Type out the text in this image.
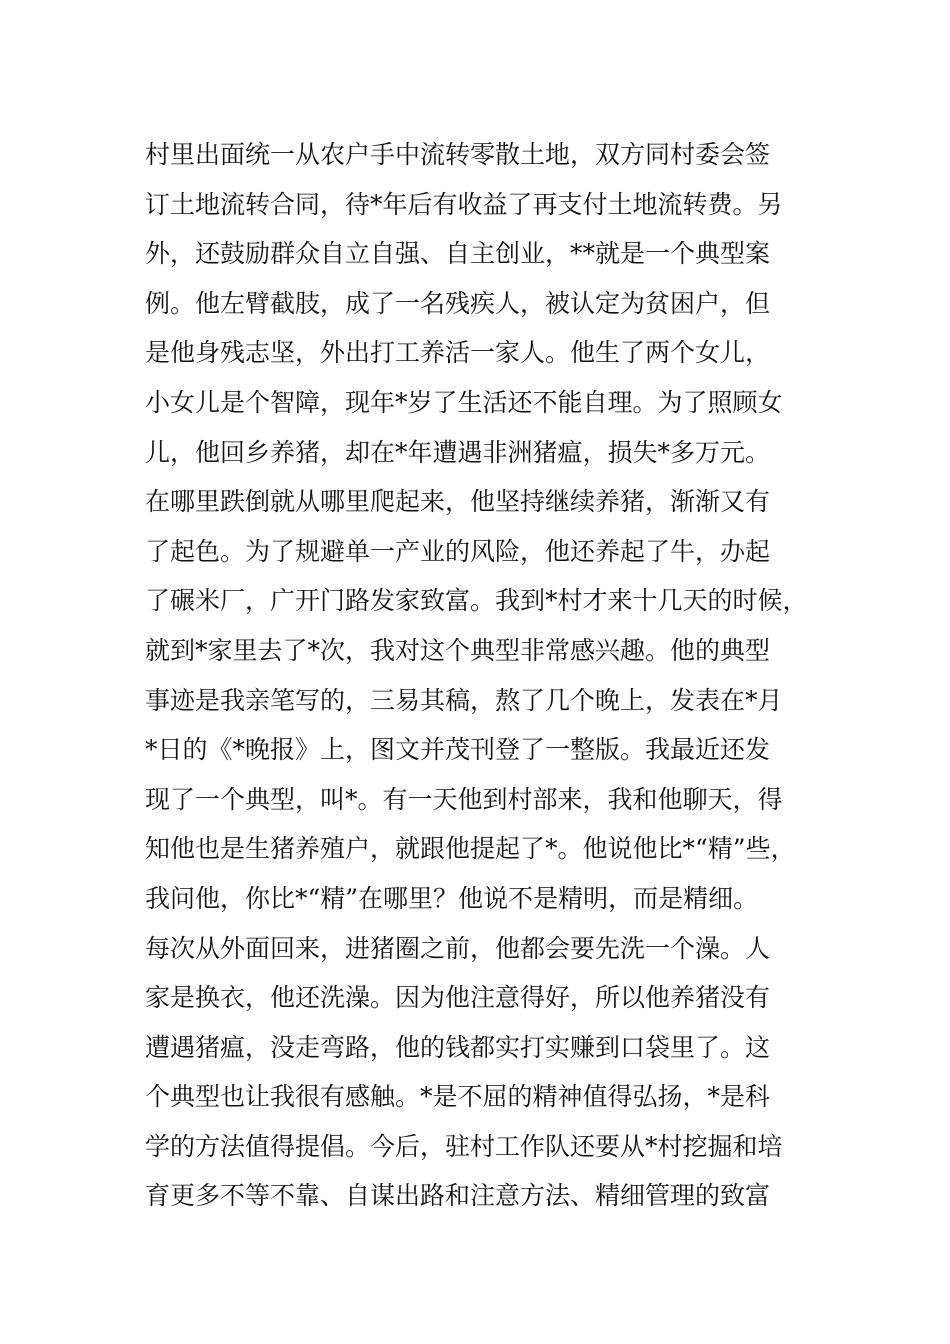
村里出面统一从农户手中流转零散土地，双方同村委会签
订土地流转合同，待*年后有收益了再支付土地流转费。另
外，还鼓励群众自立自强、自主创业，**就是一个典型案
例。他左臂截肢，成了一名残疾人，被认定为贫困户，但
是他身残志坚，外出打工养活一家人。他生了两个女儿，
小女儿是个智障，现年*岁了生活还不能自理。为了照顾女
儿，他回乡养猪，却在*年遭遇非洲猪瘟，损失*多万元。
在哪里跌倒就从哪里爬起来，他坚持继续养猪，渐渐又有
了起色。为了规避单一产业的风险，他还养起了牛，办起
了碾米厂，广开门路发家致富。我到*村才来十几天的时候，
就到*家里去了*次，我对这个典型非常感兴趣。他的典型
事迹是我亲笔写的，三易其稿，熬了几个晚上，发表在*月
*日的《*晚报》上，图文并茂刊登了一整版。我最近还发
现了一个典型，叫*。有一天他到村部来，我和他聊天，得
知他也是生猪养殖户，就跟他提起了*。他说他比*“精”些，
我问他，你比*“精”在哪里？他说不是精明，而是精细。
每次从外面回来，进猪圈之前，他都会要先洗一个澡。人
家是换衣，他还洗澡。因为他注意得好，所以他养猪没有
遭遇猪瘟，没走弯路，他的钱都实打实赚到口袋里了。这
个典型也让我很有感触。*是不屈的精神值得弘扬，*是科
学的方法值得提倡。今后，驻村工作队还要从*村挖掘和培
育更多不等不靠、自谋出路和注意方法、精细管理的致富
